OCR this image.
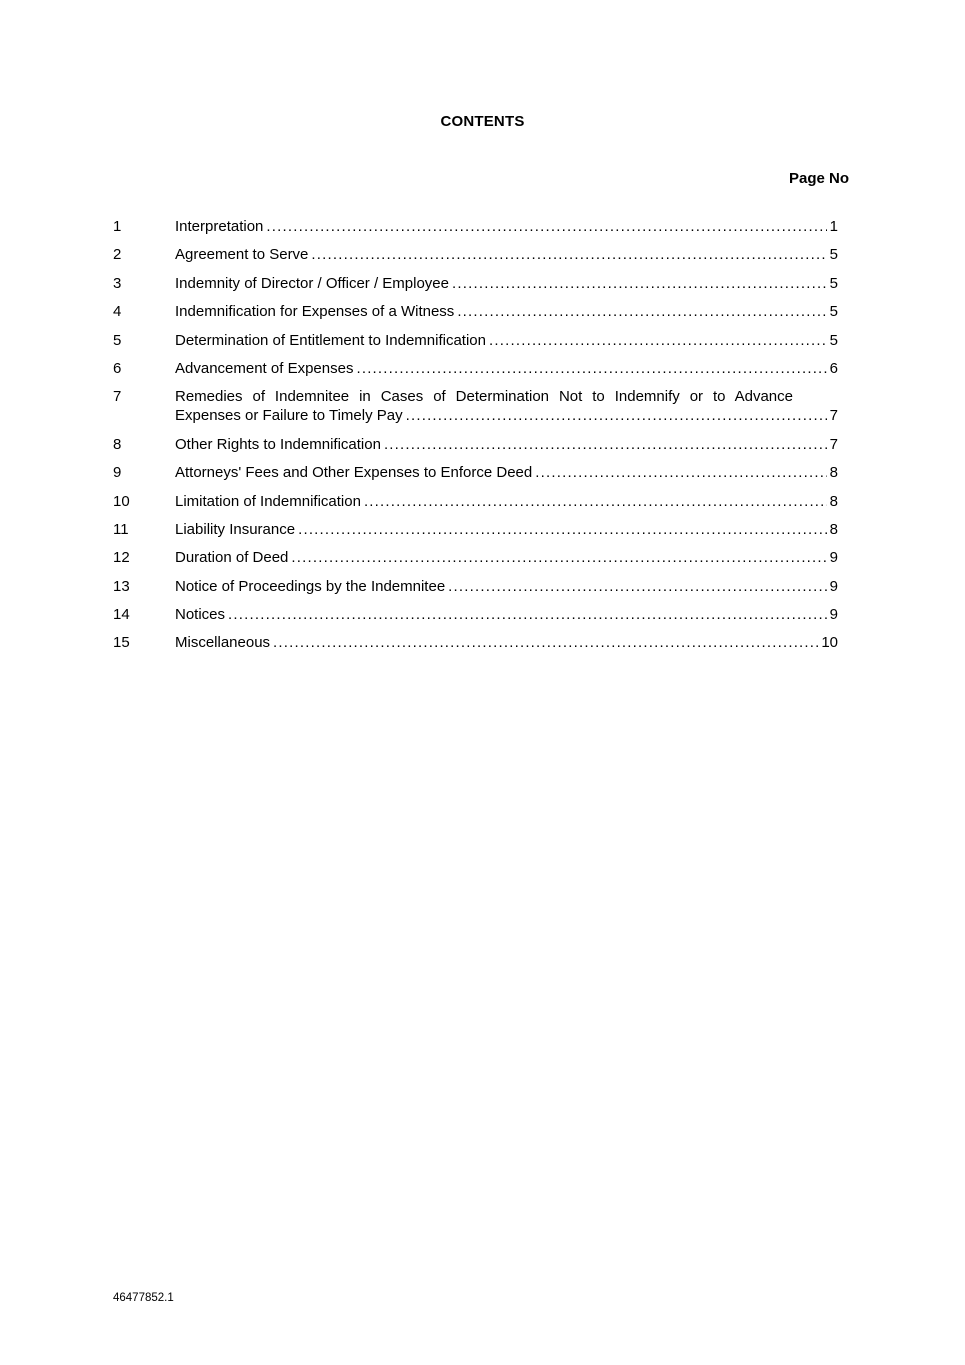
CONTENTS
Page No
1	Interpretation .....	1
2	Agreement to Serve .....	5
3	Indemnity of Director / Officer / Employee .....	5
4	Indemnification for Expenses of a Witness .....	5
5	Determination of Entitlement to Indemnification .....	5
6	Advancement of Expenses .....	6
7	Remedies of Indemnitee in Cases of Determination Not to Indemnify or to Advance
Expenses or Failure to Timely Pay .....	7
8	Other Rights to Indemnification .....	7
9	Attorneys' Fees and Other Expenses to Enforce Deed .....	8
10	Limitation of Indemnification .....	8
11	Liability Insurance .....	8
12	Duration of Deed .....	9
13	Notice of Proceedings by the Indemnitee .....	9
14	Notices .....	9
15	Miscellaneous .....	10
46477852.1
